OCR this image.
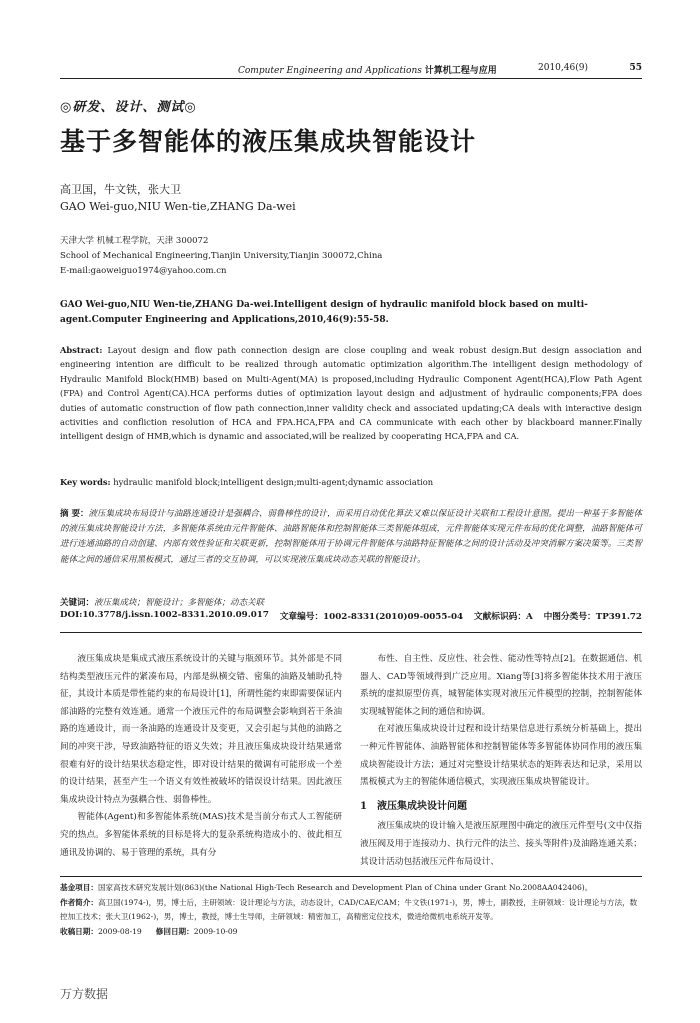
Computer Engineering and Applications 计算机工程与应用	2010,46(9)	55
◎研发、设计、测试◎
基于多智能体的液压集成块智能设计
高卫国，牛文铁，张大卫
GAO Wei-guo,NIU Wen-tie,ZHANG Da-wei
天津大学 机械工程学院，天津 300072
School of Mechanical Engineering,Tianjin University,Tianjin 300072,China
E-mail:gaoweiguo1974@yahoo.com.cn
GAO Wei-guo,NIU Wen-tie,ZHANG Da-wei.Intelligent design of hydraulic manifold block based on multi-agent.Computer Engineering and Applications,2010,46(9):55-58.
Abstract: Layout design and flow path connection design are close coupling and weak robust design.But design association and engineering intention are difficult to be realized through automatic optimization algorithm.The intelligent design methodology of Hydraulic Manifold Block(HMB) based on Multi-Agent(MA) is proposed,including Hydraulic Component Agent(HCA),Flow Path Agent (FPA) and Control Agent(CA).HCA performs duties of optimization layout design and adjustment of hydraulic components;FPA does duties of automatic construction of flow path connection,inner validity check and associated updating;CA deals with interactive design activities and confliction resolution of HCA and FPA.HCA,FPA and CA communicate with each other by blackboard manner.Finally intelligent design of HMB,which is dynamic and associated,will be realized by cooperating HCA,FPA and CA.
Key words: hydraulic manifold block;intelligent design;multi-agent;dynamic association
摘 要：液压集成块布局设计与油路连通设计是强耦合、弱鲁棒性的设计，而采用自动优化算法又难以保证设计关联和工程设计意图。提出一种基于多智能体的液压集成块智能设计方法，多智能体系统由元件智能体、油路智能体和控制智能体三类智能体组成，元件智能体实现元件布局的优化调整，油路智能体可进行连通油路的自动创建、内部有效性验证和关联更新，控制智能体用于协调元件智能体与油路特征智能体之间的设计活动及冲突消解方案决策等。三类智能体之间的通信采用黑板模式，通过三者的交互协调，可以实现液压集成块动态关联的智能设计。
关键词：液压集成块；智能设计；多智能体；动态关联
DOI:10.3778/j.issn.1002-8331.2010.09.017 文章编号：1002-8331(2010)09-0055-04 文献标识码：A 中图分类号：TP391.72

液压集成块是集成式液压系统设计的关键与瓶颈环节。其外部是不同结构类型液压元件的紧凑布局，内部是纵横交错、密集的油路及辅助孔特征，其设计本质是带性能约束的布局设计[1]，所谓性能约束即需要保证内部油路的完整有效连通。通常一个液压元件的布局调整会影响到若干条油路的连通设计，而一条油路的连通设计及变更，又会引起与其他的油路之间的冲突干涉，导致油路特征的语义失效；并且液压集成块设计结果通常很难有好的设计结果状态稳定性，即对设计结果的微调有可能形成一个差的设计结果，甚至产生一个语义有效性被破坏的错误设计结果。因此液压集成块设计特点为强耦合性、弱鲁棒性。

智能体(Agent)和多智能体系统(MAS)技术是当前分布式人工智能研究的热点。多智能体系统的目标是将大的复杂系统构造成小的、彼此相互通讯及协调的、易于管理的系统，具有分

布性、自主性、反应性、社会性、能动性等特点[2]。在数据通信、机器人、CAD等领域得到广泛应用。Xiang等[3]将多智能体技术用于液压系统的虚拟原型仿真，城智能体实现对液压元件模型的控制，控制智能体实现城智能体之间的通信和协调。

在对液压集成块设计过程和设计结果信息进行系统分析基础上，提出一种元件智能体、油路智能体和控制智能体等多智能体协同作用的液压集成块智能设计方法；通过对完整设计结果状态的矩阵表达和记录，采用以黑板模式为主的智能体通信模式，实现液压集成块智能设计。

1 液压集成块设计问题

液压集成块的设计输入是液压原理图中确定的液压元件型号(文中仅指液压阀及用于连接动力、执行元件的法兰、接头等附件)及油路连通关系；其设计活动包括液压元件布局设计、

基金项目：国家高技术研究发展计划(863)(the National High-Tech Research and Development Plan of China under Grant No.2008AA042406)。

作者简介：高卫国(1974-)，男，博士后，主研领域：设计理论与方法，动态设计，CAD/CAE/CAM；牛文铁(1971-)，男，博士，副教授，主研领域：设计理论与方法，数控加工技术；张大卫(1962-)，男，博士，教授，博士生导师，主研领域：精密加工，高精密定位技术，微进给微机电系统开发等。

收稿日期：2009-08-19 修回日期：2009-10-09

万方数据
